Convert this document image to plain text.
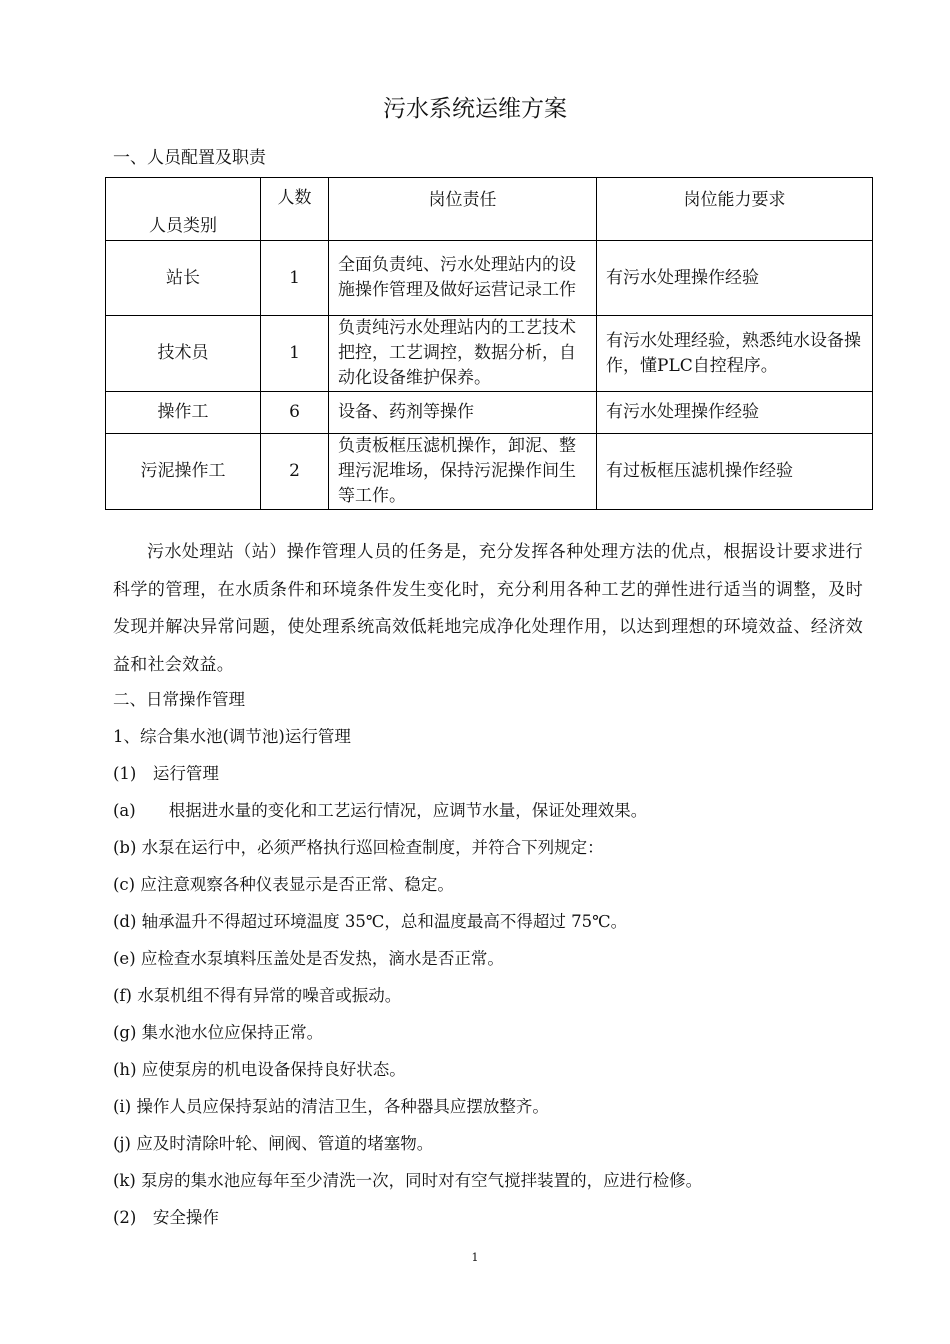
污水系统运维方案
一、人员配置及职责
人员类别	人数	岗位责任	岗位能力要求
站长	1	全面负责纯、污水处理站内的设施操作管理及做好运营记录工作	有污水处理操作经验
技术员	1	负责纯污水处理站内的工艺技术把控，工艺调控，数据分析，自动化设备维护保养。	有污水处理经验，熟悉纯水设备操作，懂PLC自控程序。
操作工	6	设备、药剂等操作	有污水处理操作经验
污泥操作工	2	负责板框压滤机操作，卸泥、整理污泥堆场，保持污泥操作间生等工作。	有过板框压滤机操作经验
污水处理站（站）操作管理人员的任务是，充分发挥各种处理方法的优点，根据设计要求进行科学的管理，在水质条件和环境条件发生变化时，充分利用各种工艺的弹性进行适当的调整，及时发现并解决异常问题，使处理系统高效低耗地完成净化处理作用，以达到理想的环境效益、经济效益和社会效益。
二、日常操作管理
1、综合集水池(调节池)运行管理
(1) 运行管理
(a)  根据进水量的变化和工艺运行情况，应调节水量，保证处理效果。
(b) 水泵在运行中，必须严格执行巡回检查制度，并符合下列规定：
(c) 应注意观察各种仪表显示是否正常、稳定。
(d) 轴承温升不得超过环境温度 35℃，总和温度最高不得超过 75℃。
(e) 应检查水泵填料压盖处是否发热，滴水是否正常。
(f) 水泵机组不得有异常的噪音或振动。
(g) 集水池水位应保持正常。
(h) 应使泵房的机电设备保持良好状态。
(i) 操作人员应保持泵站的清洁卫生，各种器具应摆放整齐。
(j) 应及时清除叶轮、闸阀、管道的堵塞物。
(k) 泵房的集水池应每年至少清洗一次，同时对有空气搅拌装置的，应进行检修。
(2) 安全操作
1
